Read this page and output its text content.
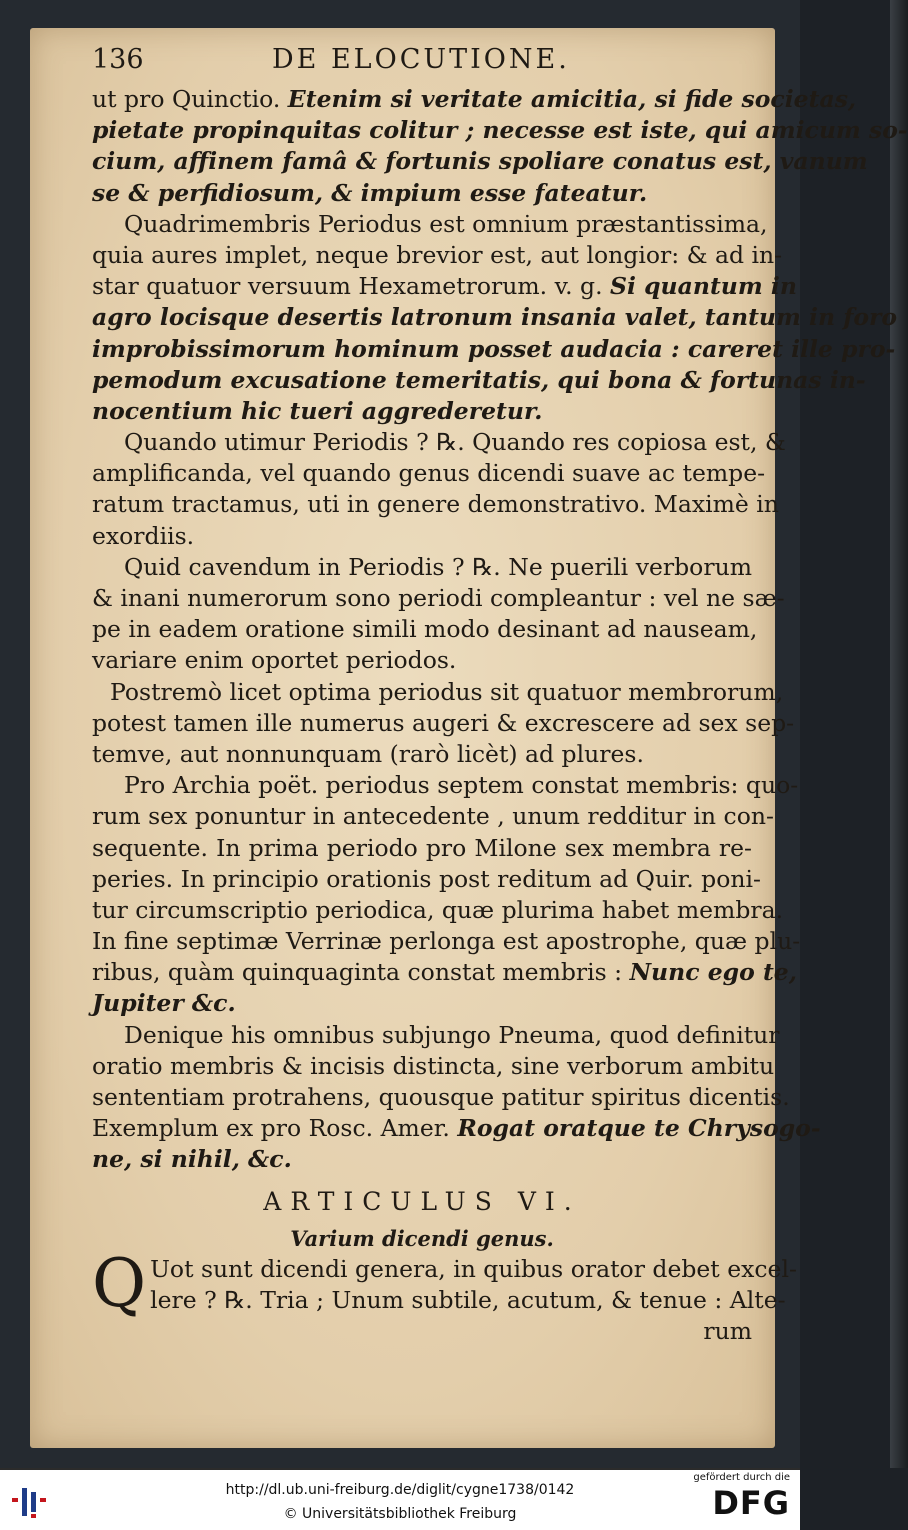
136	DE ELOCUTIONE.
ut pro Quinctio. Etenim si veritate amicitia, si fide societas,
pietate propinquitas colitur ; necesse est iste, qui amicum so-
cium, affinem famâ & fortunis spoliare conatus est, vanum
se & perfidiosum, & impium esse fateatur.
Quadrimembris Periodus est omnium præstantissima,
quia aures implet, neque brevior est, aut longior: & ad in-
star quatuor versuum Hexametrorum. v. g. Si quantum in
agro locisque desertis latronum insania valet, tantum in foro
improbissimorum hominum posset audacia : careret ille pro-
pemodum excusatione temeritatis, qui bona & fortunas in-
nocentium hic tueri aggrederetur.
Quando utimur Periodis ? ℞. Quando res copiosa est, &
amplificanda, vel quando genus dicendi suave ac tempe-
ratum tractamus, uti in genere demonstrativo. Maximè in
exordiis.
Quid cavendum in Periodis ? ℞. Ne puerili verborum
& inani numerorum sono periodi compleantur : vel ne sæ-
pe in eadem oratione simili modo desinant ad nauseam,
variare enim oportet periodos.
Postremò licet optima periodus sit quatuor membrorum,
potest tamen ille numerus augeri & excrescere ad sex sep-
temve, aut nonnunquam (rarò licèt) ad plures.
Pro Archia poët. periodus septem constat membris: quo-
rum sex ponuntur in antecedente , unum redditur in con-
sequente. In prima periodo pro Milone sex membra re-
peries. In principio orationis post reditum ad Quir. poni-
tur circumscriptio periodica, quæ plurima habet membra.
In fine septimæ Verrinæ perlonga est apostrophe, quæ plu-
ribus, quàm quinquaginta constat membris : Nunc ego te,
Jupiter &c.
Denique his omnibus subjungo Pneuma, quod definitur
oratio membris & incisis distincta, sine verborum ambitu
sententiam protrahens, quousque patitur spiritus dicentis.
Exemplum ex pro Rosc. Amer. Rogat oratque te Chrysogo-
ne, si nihil, &c.
ARTICULUS VI.
Varium dicendi genus.
Q Uot sunt dicendi genera, in quibus orator debet excel-
lere ? ℞. Tria ; Unum subtile, acutum, & tenue : Alte-
rum
http://dl.ub.uni-freiburg.de/diglit/cygne1738/0142
© Universitätsbibliothek Freiburg
gefördert durch die
DFG
